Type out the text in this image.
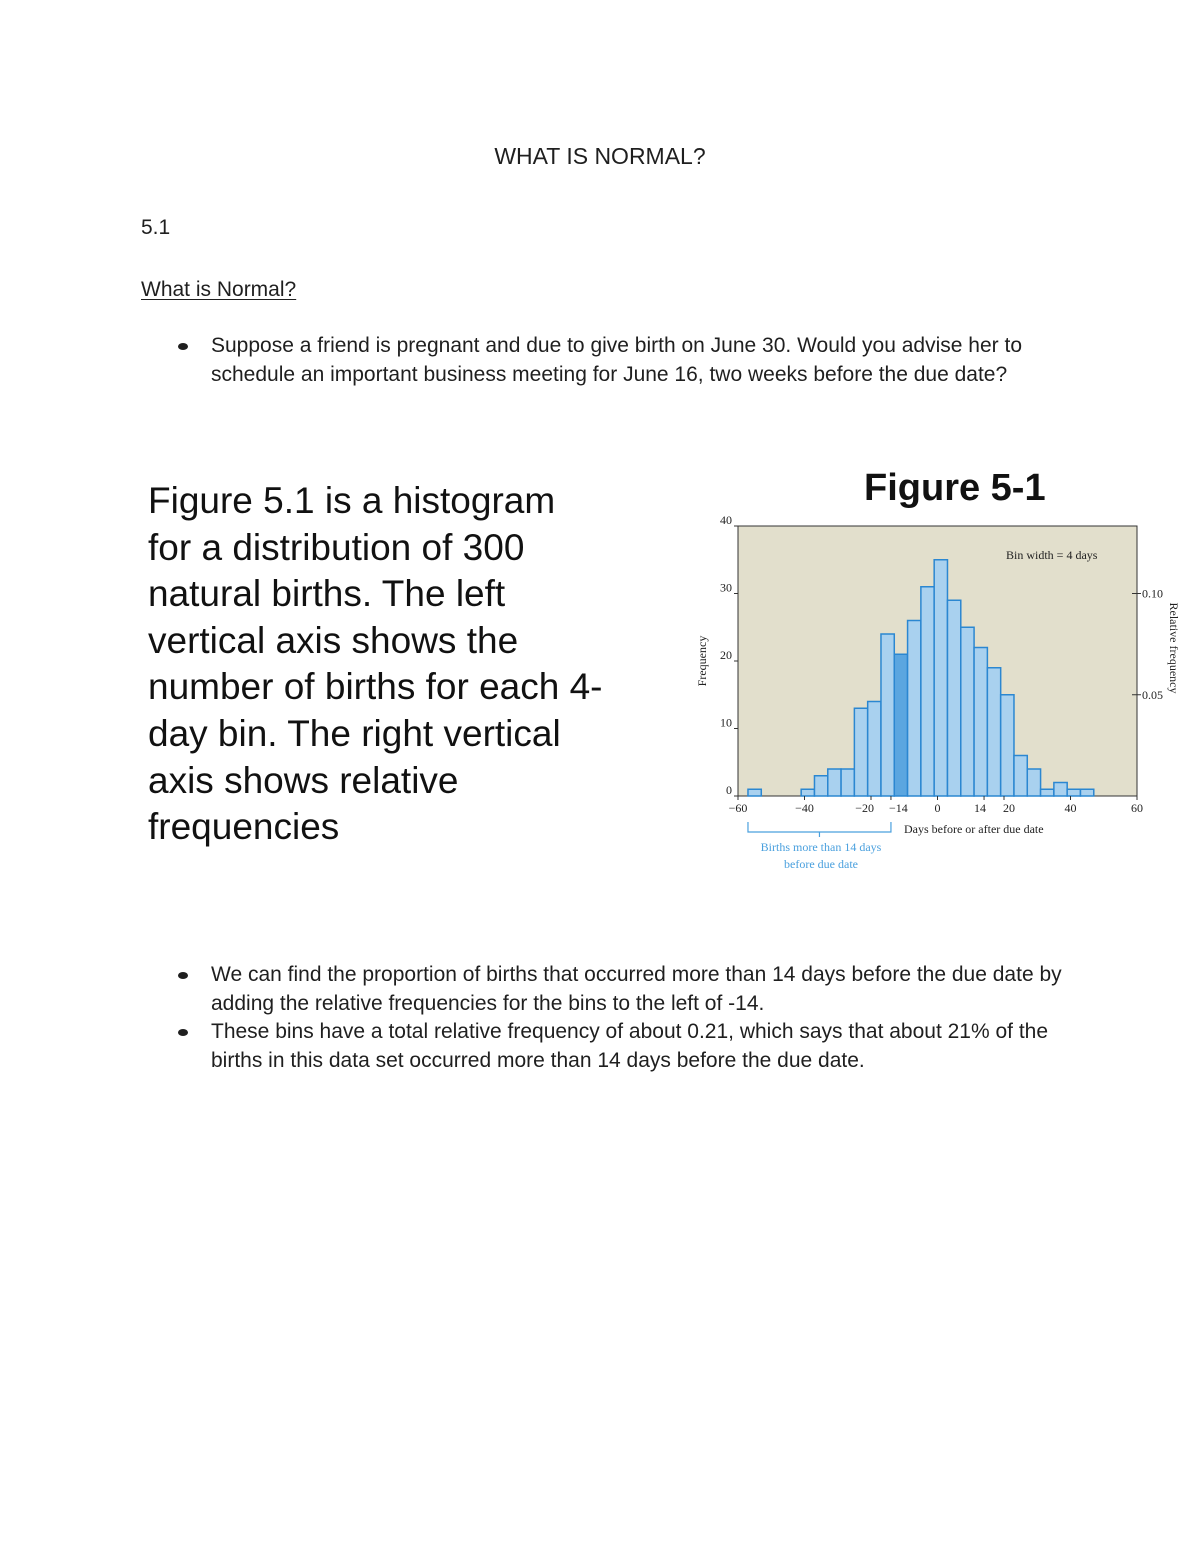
WHAT IS NORMAL?
5.1
What is Normal?
Suppose a friend is pregnant and due to give birth on June 30. Would you advise her to schedule an important business meeting for June 16, two weeks before the due date?
Figure 5.1 is a histogram
for a distribution of 300
natural births. The left
vertical axis shows the
number of births for each 4-
day bin. The right vertical
axis shows relative
frequencies
Figure 5-1
0
10
20
30
40
0.05
0.10
−60	−40	−20 −14 0	14 20	40	60
Bin width = 4 days
Days before or after due date
Frequency	Relative frequency
Births more than 14 days
before due date
We can find the proportion of births that occurred more than 14 days before the due date by adding the relative frequencies for the bins to the left of -14.
These bins have a total relative frequency of about 0.21, which says that about 21% of the births in this data set occurred more than 14 days before the due date.
